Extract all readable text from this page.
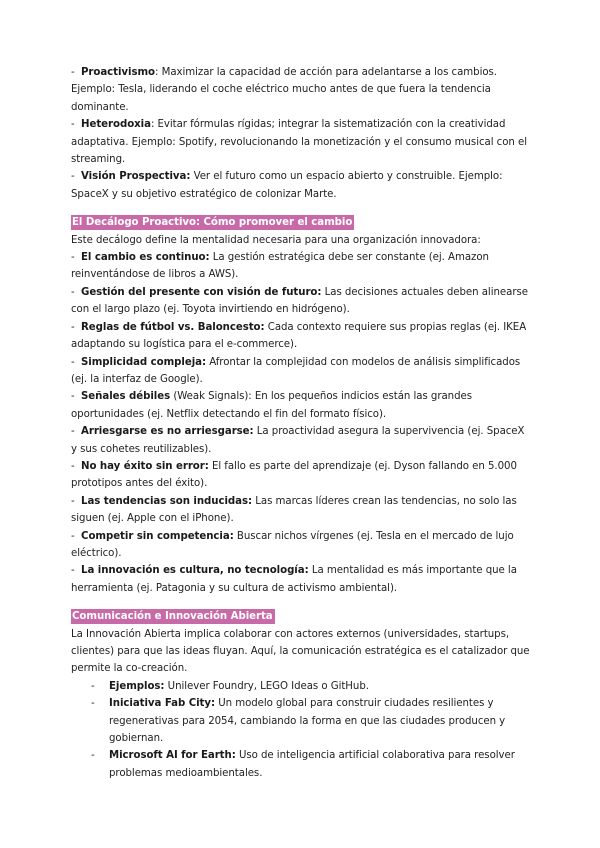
-  Proactivismo: Maximizar la capacidad de acción para adelantarse a los cambios. Ejemplo: Tesla, liderando el coche eléctrico mucho antes de que fuera la tendencia dominante.

-  Heterodoxia: Evitar fórmulas rígidas; integrar la sistematización con la creatividad adaptativa. Ejemplo: Spotify, revolucionando la monetización y el consumo musical con el streaming.

-  Visión Prospectiva: Ver el futuro como un espacio abierto y construible. Ejemplo: SpaceX y su objetivo estratégico de colonizar Marte.

El Decálogo Proactivo: Cómo promover el cambio

Este decálogo define la mentalidad necesaria para una organización innovadora:

-  El cambio es continuo: La gestión estratégica debe ser constante (ej. Amazon reinventándose de libros a AWS).

-  Gestión del presente con visión de futuro: Las decisiones actuales deben alinearse con el largo plazo (ej. Toyota invirtiendo en hidrógeno).

-  Reglas de fútbol vs. Baloncesto: Cada contexto requiere sus propias reglas (ej. IKEA adaptando su logística para el e-commerce).

-  Simplicidad compleja: Afrontar la complejidad con modelos de análisis simplificados (ej. la interfaz de Google).

-  Señales débiles (Weak Signals): En los pequeños indicios están las grandes oportunidades (ej. Netflix detectando el fin del formato físico).

-  Arriesgarse es no arriesgarse: La proactividad asegura la supervivencia (ej. SpaceX y sus cohetes reutilizables).

-  No hay éxito sin error: El fallo es parte del aprendizaje (ej. Dyson fallando en 5.000 prototipos antes del éxito).

-  Las tendencias son inducidas: Las marcas líderes crean las tendencias, no solo las siguen (ej. Apple con el iPhone).

-  Competir sin competencia: Buscar nichos vírgenes (ej. Tesla en el mercado de lujo eléctrico).

-  La innovación es cultura, no tecnología: La mentalidad es más importante que la herramienta (ej. Patagonia y su cultura de activismo ambiental).

Comunicación e Innovación Abierta

La Innovación Abierta implica colaborar con actores externos (universidades, startups, clientes) para que las ideas fluyan. Aquí, la comunicación estratégica es el catalizador que permite la co-creación.

-	Ejemplos: Unilever Foundry, LEGO Ideas o GitHub.
-	Iniciativa Fab City: Un modelo global para construir ciudades resilientes y regenerativas para 2054, cambiando la forma en que las ciudades producen y gobiernan.
-	Microsoft AI for Earth: Uso de inteligencia artificial colaborativa para resolver problemas medioambientales.
